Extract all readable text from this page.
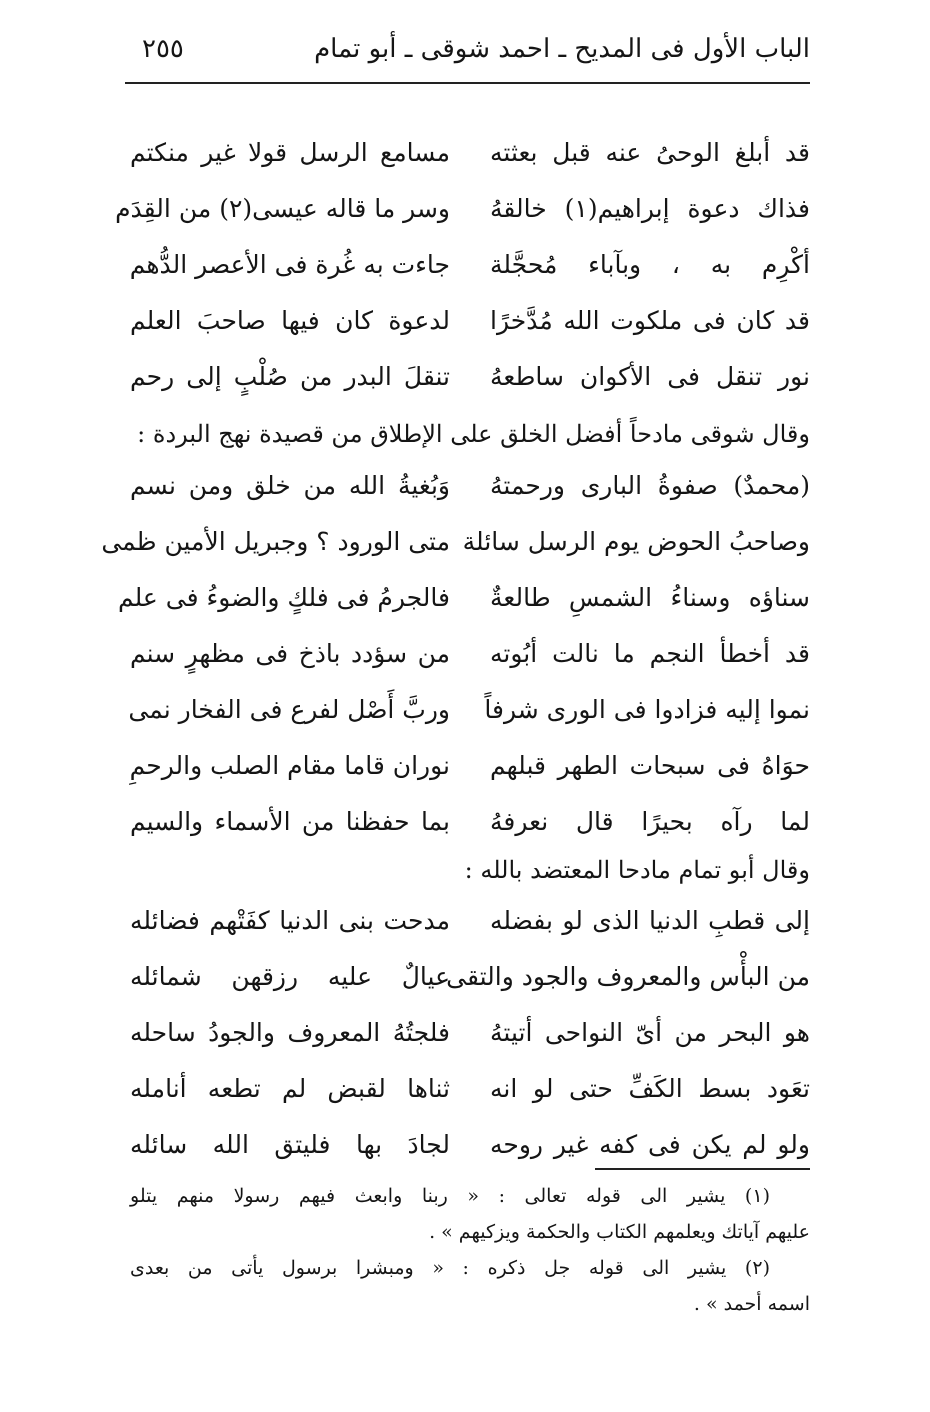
الباب الأول فى المديح ـ احمد شوقى ـ أبو تمام
٢٥٥
قد أبلغ الوحىُ عنه قبل بعثته
مسامع الرسل قولا غير منكتم
فذاك دعوة إبراهيم(١) خالقهُ
وسر ما قاله عيسى(٢) من القِدَم
أكْرِم به ، وبآباء مُحجَّلة
جاءت به غُرة فى الأعصر الدُّهم
قد كان فى ملكوت الله مُدَّخرًا
لدعوة كان فيها صاحبَ العلم
نور تنقل فى الأكوان ساطعهُ
تنقلَ البدر من صُلْبٍ إلى رحم
وقال شوقى مادحاً أفضل الخلق على الإطلاق من قصيدة نهج البردة :
(محمدٌ) صفوةُ البارى ورحمتهُ
وَبُغيةُ الله من خلق ومن نسم
وصاحبُ الحوض يوم الرسل سائلة
متى الورود ؟ وجبريل الأمين ظمى
سناؤه وسناءُ الشمسِ طالعةٌ
فالجرمُ فى فلكٍ والضوءُ فى علم
قد أخطأ النجم ما نالت أبُوته
من سؤدد باذخ فى مظهرٍ سنم
نموا إليه فزادوا فى الورى شرفاً
وربَّ أَصْل لفرع فى الفخار نمى
حوَاهُ فى سبحات الطهر قبلهم
نوران قاما مقام الصلب والرحمِ
لما رآه بحيرًا قال نعرفهُ
بما حفظنا من الأسماء والسيم
وقال أبو تمام مادحا المعتضد بالله :
إلى قطبِ الدنيا الذى لو بفضله
مدحت بنى الدنيا كفَتْهم فضائله
من البأْس والمعروف والجود والتقى
عيالٌ عليه رزقهن شمائله
هو البحر من أىّ النواحى أتيتهُ
فلجتُهُ المعروف والجودُ ساحله
تعَود بسط الكَفِّ حتى لو انه
ثناها لقبض لم تطعه أنامله
ولو لم يكن فى كفه غير روحه
لجادَ بها فليتق الله سائله
(١) يشير الى قوله تعالى : « ربنا وابعث فيهم رسولا منهم يتلو
عليهم آياتك ويعلمهم الكتاب والحكمة ويزكيهم » .
(٢) يشير الى قوله جل ذكره : « ومبشرا برسول يأتى من بعدى
اسمه أحمد » .
